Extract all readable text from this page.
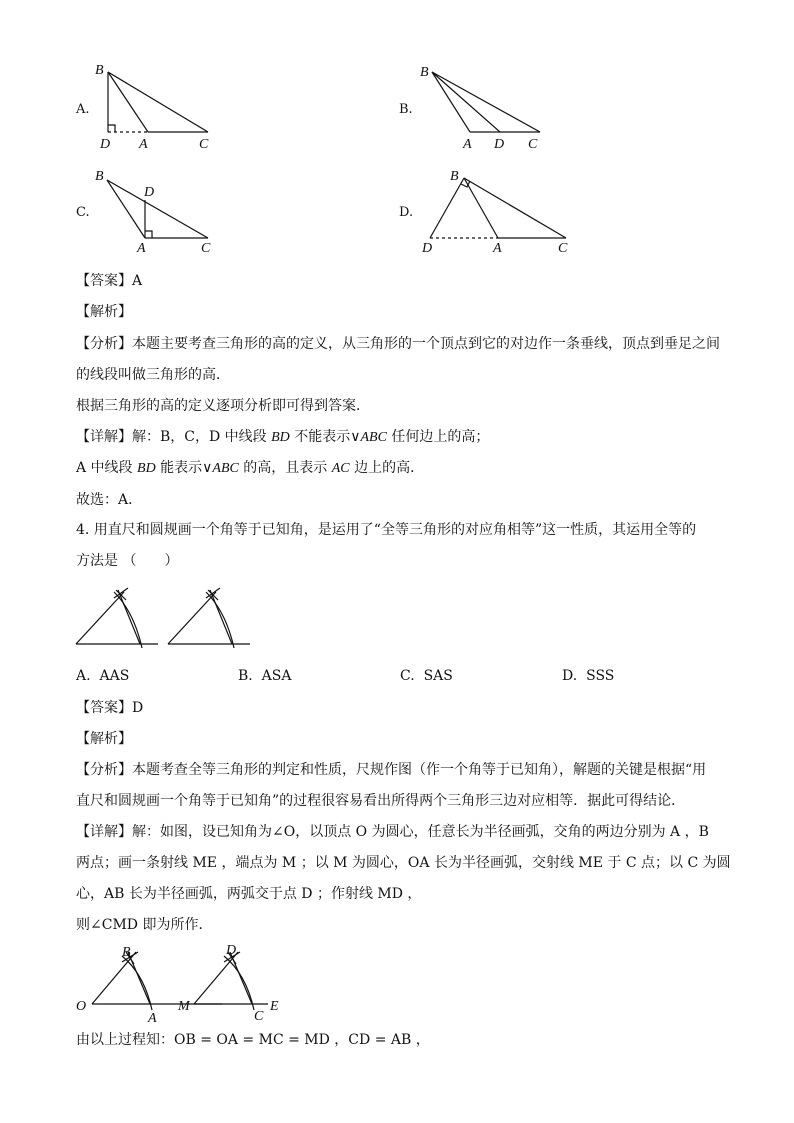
A.
B
D A	C
B.
B
A D C
C.
B
D
A	C
D.
B
D	A	C
【答案】A
【解析】
【分析】本题主要考查三角形的高的定义，从三角形的一个顶点到它的对边作一条垂线，顶点到垂足之间
的线段叫做三角形的高．
根据三角形的高的定义逐项分析即可得到答案．
【详解】解：B，C，D 中线段 BD 不能表示∨ABC 任何边上的高；
A 中线段 BD 能表示∨ABC 的高，且表示 AC 边上的高．
故选：A．
4. 用直尺和圆规画一个角等于已知角，是运用了“全等三角形的对应角相等”这一性质，其运用全等的
方法是 （　　）
A. AAS	B. ASA	C. SAS	D. SSS
【答案】D
【解析】
【分析】本题考查全等三角形的判定和性质，尺规作图（作一个角等于已知角），解题的关键是根据“用
直尺和圆规画一个角等于已知角”的过程很容易看出所得两个三角形三边对应相等．据此可得结论．
【详解】解：如图，设已知角为∠O，以顶点 O 为圆心，任意长为半径画弧，交角的两边分别为 A ，B
两点；画一条射线 ME ，端点为 M ；以 M 为圆心，OA 长为半径画弧，交射线 ME 于 C 点；以 C 为圆
心，AB 长为半径画弧，两弧交于点 D ；作射线 MD ，
则∠CMD 即为所作．
B
O
A
D
M
C
E
由以上过程知：OB = OA = MC = MD ，CD = AB ，
